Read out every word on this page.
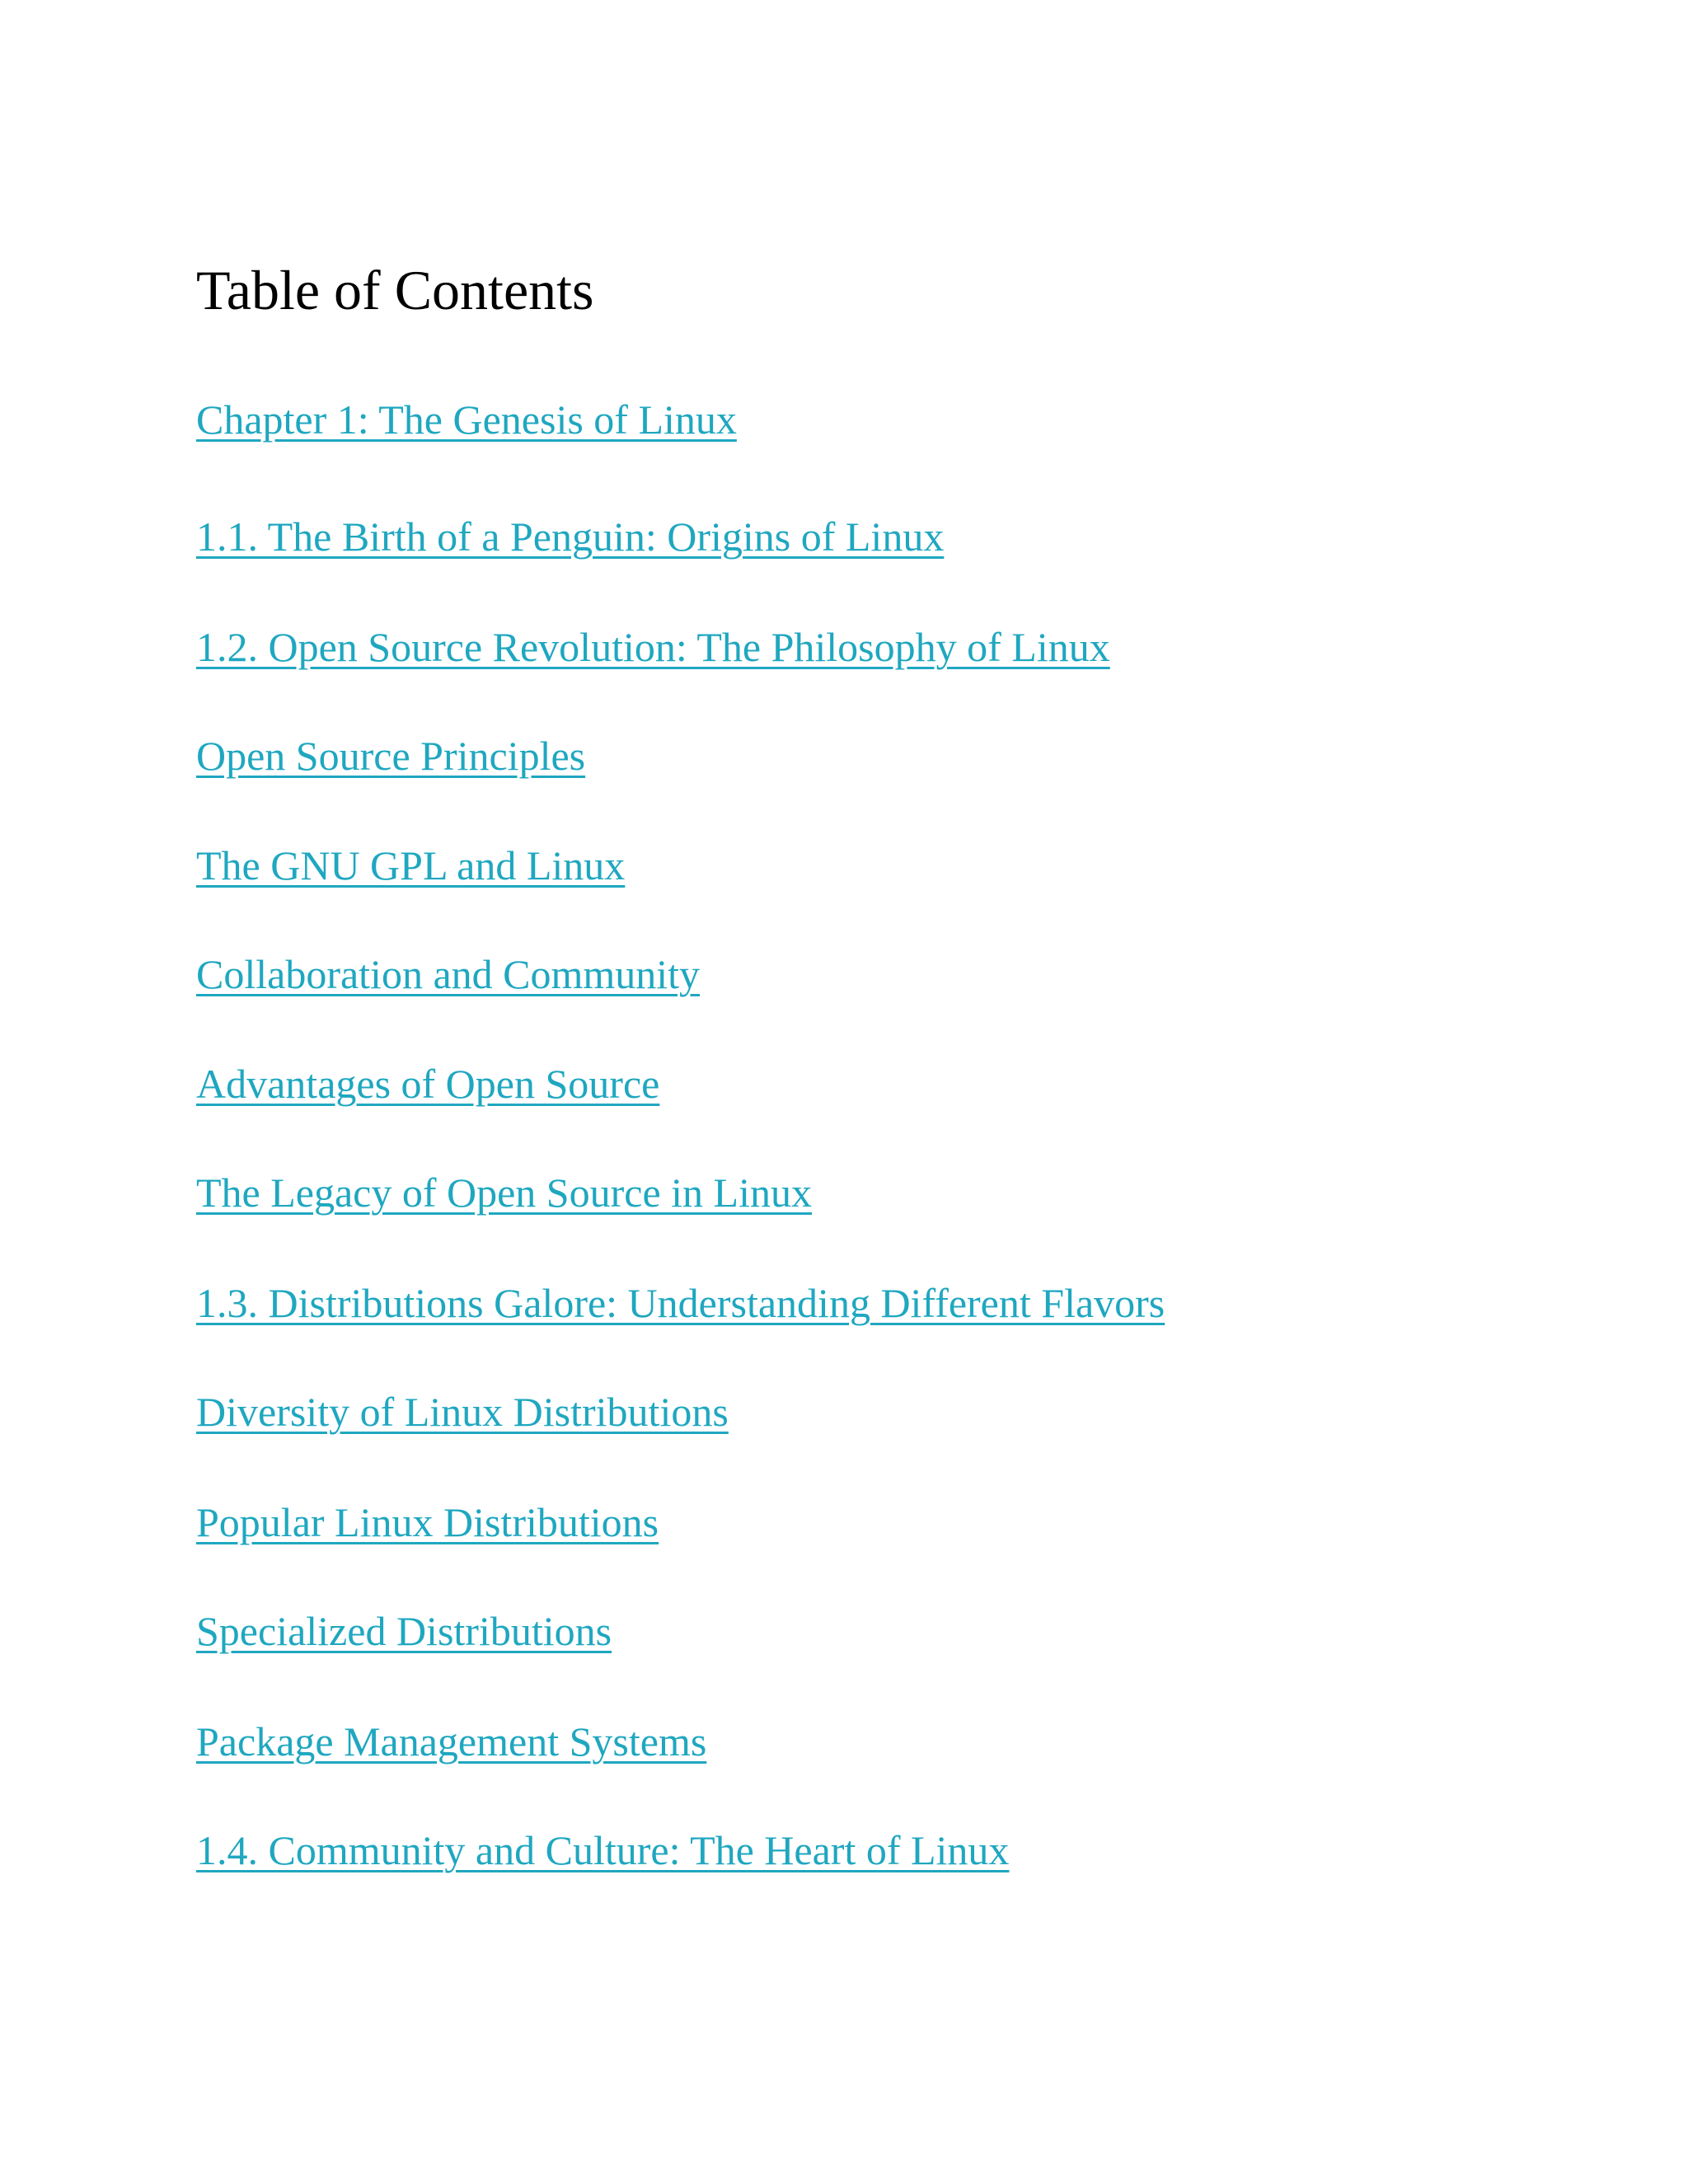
Table of Contents
Chapter 1: The Genesis of Linux
1.1. The Birth of a Penguin: Origins of Linux
1.2. Open Source Revolution: The Philosophy of Linux
Open Source Principles
The GNU GPL and Linux
Collaboration and Community
Advantages of Open Source
The Legacy of Open Source in Linux
1.3. Distributions Galore: Understanding Different Flavors
Diversity of Linux Distributions
Popular Linux Distributions
Specialized Distributions
Package Management Systems
1.4. Community and Culture: The Heart of Linux
